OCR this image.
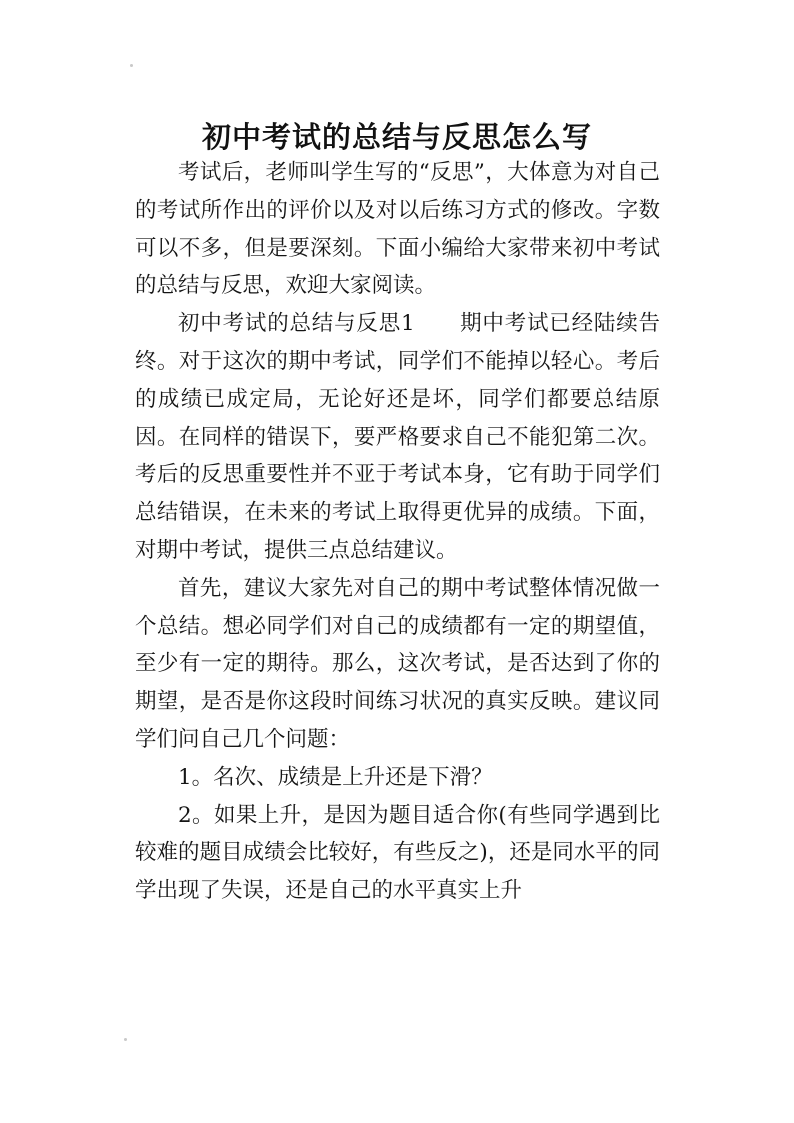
初中考试的总结与反思怎么写

考试后，老师叫学生写的“反思”，大体意为对自己的考试所作出的评价以及对以后练习方式的修改。字数可以不多，但是要深刻。下面小编给大家带来初中考试的总结与反思，欢迎大家阅读。

初中考试的总结与反思1　　期中考试已经陆续告终。对于这次的期中考试，同学们不能掉以轻心。考后的成绩已成定局，无论好还是坏，同学们都要总结原因。在同样的错误下，要严格要求自己不能犯第二次。考后的反思重要性并不亚于考试本身，它有助于同学们总结错误，在未来的考试上取得更优异的成绩。下面，对期中考试，提供三点总结建议。

首先，建议大家先对自己的期中考试整体情况做一个总结。想必同学们对自己的成绩都有一定的期望值，至少有一定的期待。那么，这次考试，是否达到了你的期望，是否是你这段时间练习状况的真实反映。建议同学们问自己几个问题：

1。名次、成绩是上升还是下滑？

2。如果上升，是因为题目适合你(有些同学遇到比较难的题目成绩会比较好，有些反之)，还是同水平的同学出现了失误，还是自己的水平真实上升
